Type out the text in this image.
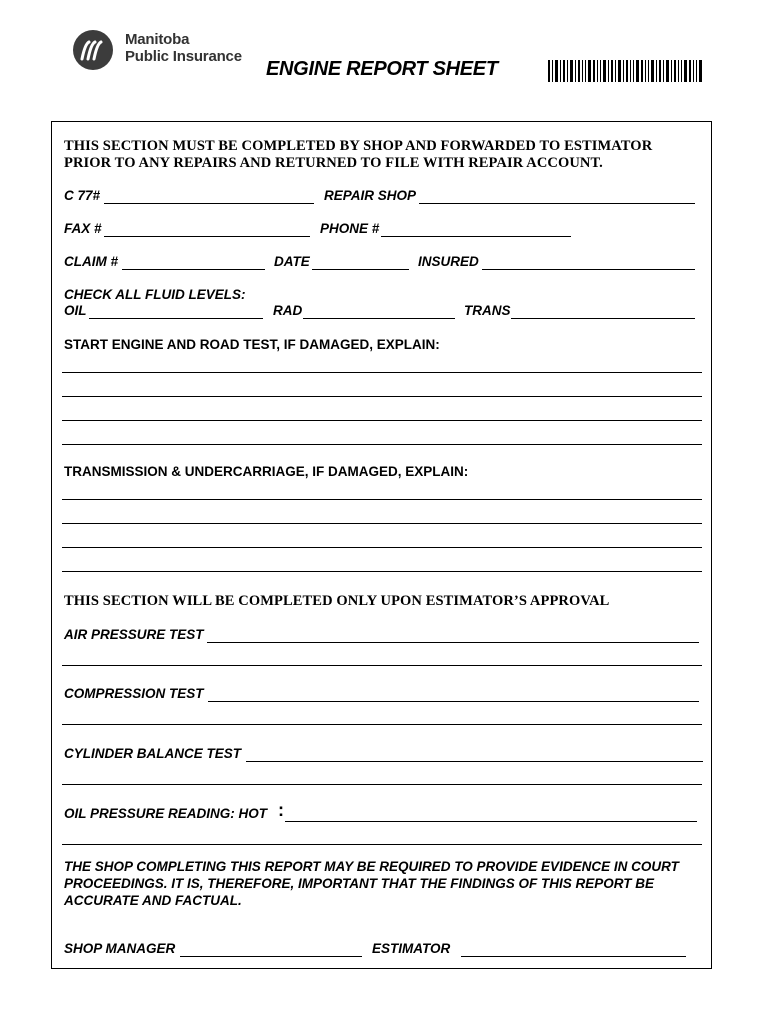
Manitoba
Public Insurance
ENGINE REPORT SHEET
THIS SECTION MUST BE COMPLETED BY SHOP AND FORWARDED TO ESTIMATOR
PRIOR TO ANY REPAIRS AND RETURNED TO FILE WITH REPAIR ACCOUNT.
C 77#	REPAIR SHOP
FAX #	PHONE #
CLAIM #	DATE	INSURED
CHECK ALL FLUID LEVELS:
OIL	RAD	TRANS
START ENGINE AND ROAD TEST, IF DAMAGED, EXPLAIN:
TRANSMISSION & UNDERCARRIAGE, IF DAMAGED, EXPLAIN:
THIS SECTION WILL BE COMPLETED ONLY UPON ESTIMATOR’S APPROVAL
AIR PRESSURE TEST
COMPRESSION TEST
CYLINDER BALANCE TEST
OIL PRESSURE READING: HOT :
THE SHOP COMPLETING THIS REPORT MAY BE REQUIRED TO PROVIDE EVIDENCE IN COURT PROCEEDINGS. IT IS, THEREFORE, IMPORTANT THAT THE FINDINGS OF THIS REPORT BE ACCURATE AND FACTUAL.
SHOP MANAGER	ESTIMATOR
